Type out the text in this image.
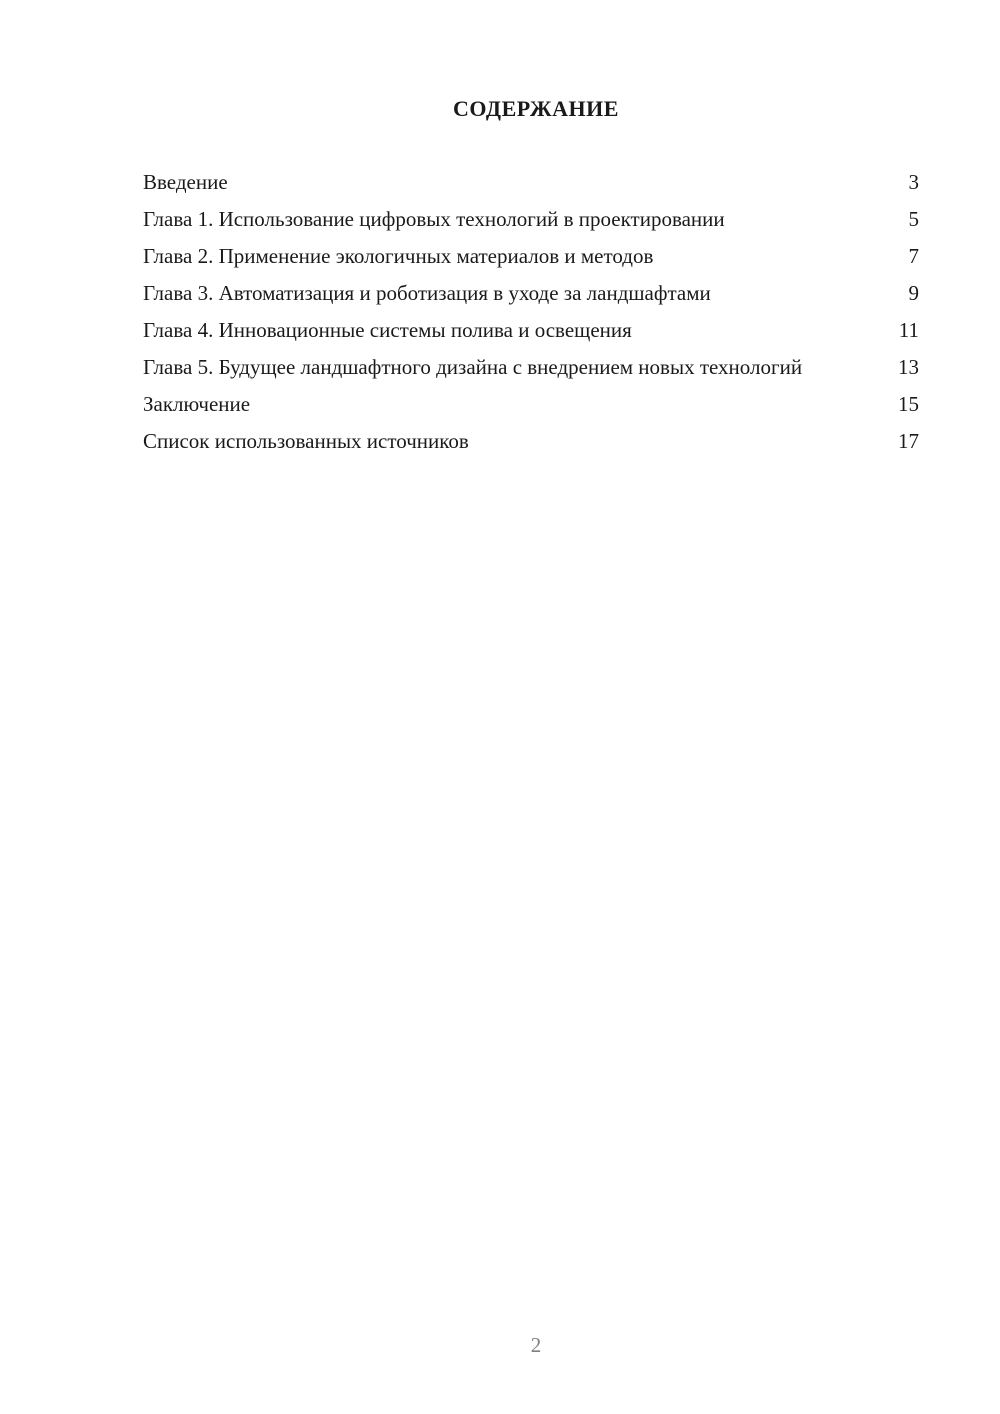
СОДЕРЖАНИЕ
Введение	3
Глава 1. Использование цифровых технологий в проектировании	5
Глава 2. Применение экологичных материалов и методов	7
Глава 3. Автоматизация и роботизация в уходе за ландшафтами	9
Глава 4. Инновационные системы полива и освещения	11
Глава 5. Будущее ландшафтного дизайна с внедрением новых технологий	13
Заключение	15
Список использованных источников	17
2
